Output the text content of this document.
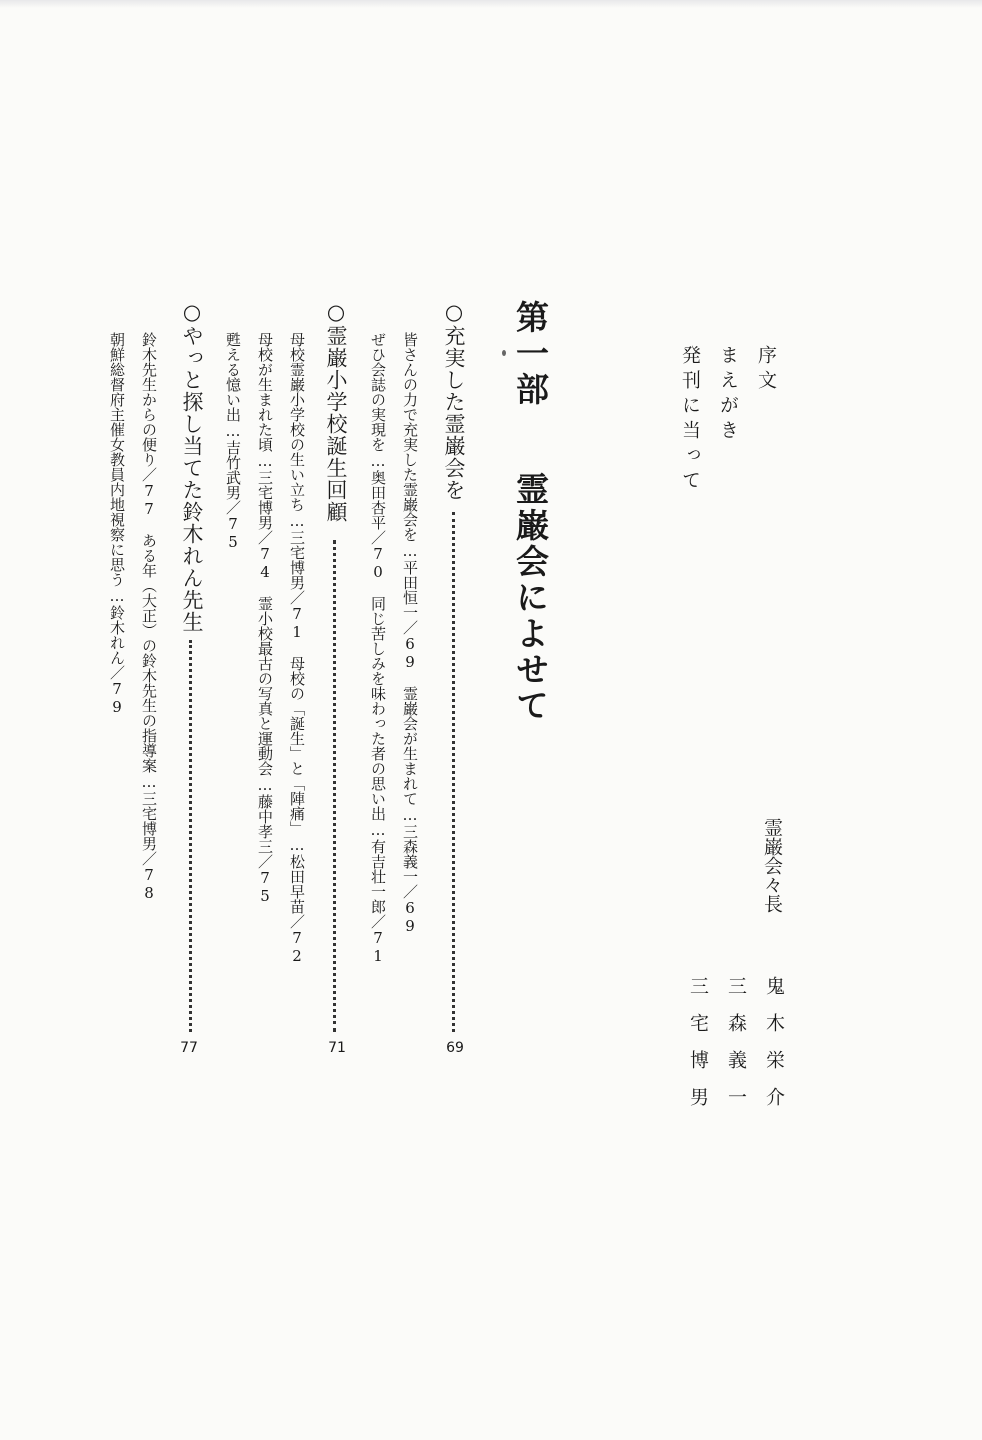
序文
まえがき
発刊に当って
霊巌会々長
鬼木栄介
三森義一
三宅博男
第一部
霊巌会によせて
○充実した霊巌会を
69
皆さんの力で充実した霊巌会を…平田恒一／69　霊巌会が生まれて…三森義一／69
ぜひ会誌の実現を…奥田杏平／70　同じ苦しみを味わった者の思い出…有吉壮一郎／71
○霊巌小学校誕生回顧
71
母校霊巌小学校の生い立ち…三宅博男／71　母校の「誕生」と「陣痛」…松田早苗／72
母校が生まれた頃…三宅博男／74　霊小校最古の写真と運動会…藤中孝三／75
甦える憶い出…吉竹武男／75
○やっと探し当てた鈴木れん先生
77
鈴木先生からの便り／77　ある年（大正）の鈴木先生の指導案…三宅博男／78
朝鮮総督府主催女教員内地視察に思う…鈴木れん／79
